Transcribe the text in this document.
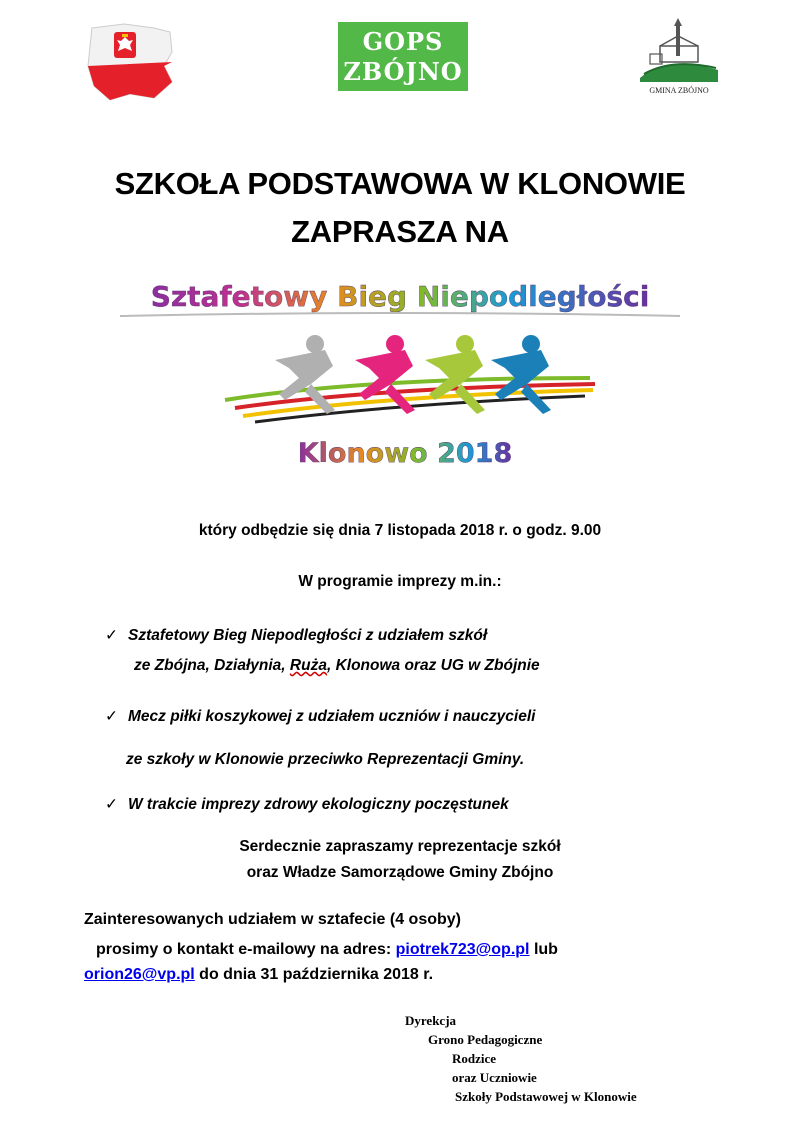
GOPS
ZBÓJNO
GMINA ZBÓJNO
SZKOŁA PODSTAWOWA W KLONOWIE
ZAPRASZA NA
Sztafetowy Bieg Niepodległości
Klonowo 2018
który odbędzie się dnia 7 listopada 2018 r. o godz. 9.00
W programie imprezy m.in.:
✓ Sztafetowy Bieg Niepodległości z udziałem szkół
ze Zbójna, Działynia, Ruża, Klonowa oraz UG w Zbójnie
✓ Mecz piłki koszykowej z udziałem uczniów i nauczycieli
ze szkoły w Klonowie przeciwko Reprezentacji Gminy.
✓ W trakcie imprezy zdrowy ekologiczny poczęstunek
Serdecznie zapraszamy reprezentacje szkół
oraz Władze Samorządowe Gminy Zbójno
Zainteresowanych udziałem w sztafecie (4 osoby)
prosimy o kontakt e-mailowy na adres: piotrek723@op.pl lub
orion26@vp.pl do dnia 31 października 2018 r.
Dyrekcja
Grono Pedagogiczne
Rodzice
oraz Uczniowie
Szkoły Podstawowej w Klonowie
